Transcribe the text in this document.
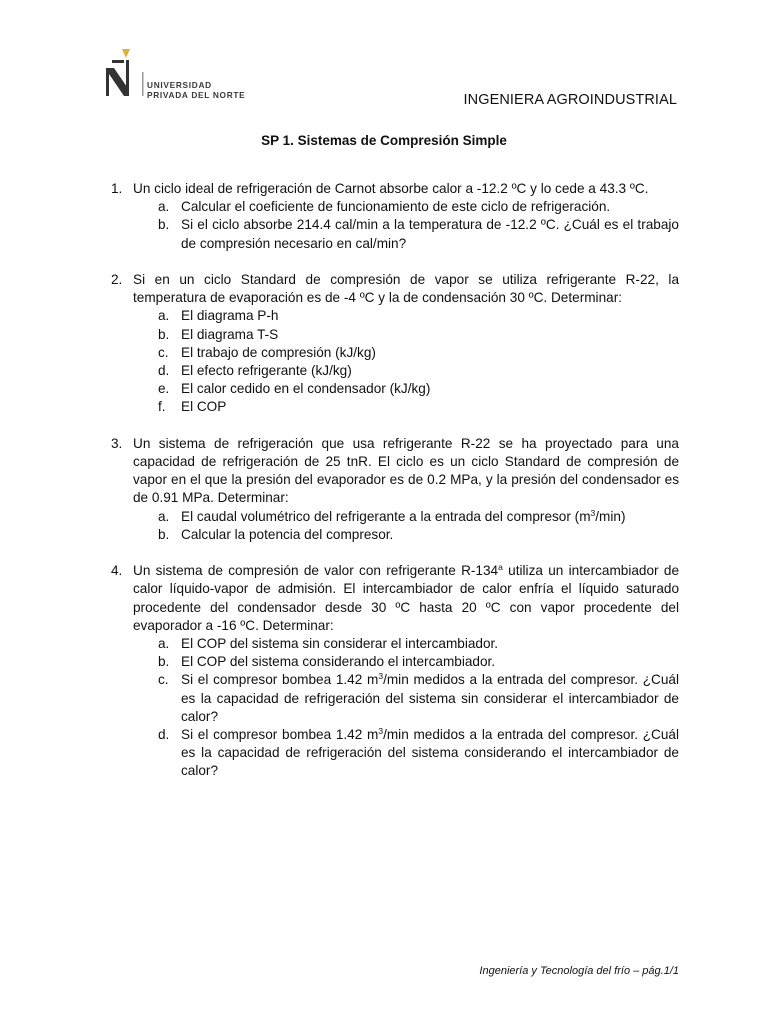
UNIVERSIDAD
PRIVADA DEL NORTE	INGENIERA AGROINDUSTRIAL
SP 1. Sistemas de Compresión Simple
1. Un ciclo ideal de refrigeración de Carnot absorbe calor a -12.2 ºC y lo cede a 43.3 ºC.
a. Calcular el coeficiente de funcionamiento de este ciclo de refrigeración.
b. Si el ciclo absorbe 214.4 cal/min a la temperatura de -12.2 ºC. ¿Cuál es el trabajo de compresión necesario en cal/min?
2. Si en un ciclo Standard de compresión de vapor se utiliza refrigerante R-22, la temperatura de evaporación es de -4 ºC y la de condensación 30 ºC. Determinar:
a. El diagrama P-h
b. El diagrama T-S
c. El trabajo de compresión (kJ/kg)
d. El efecto refrigerante (kJ/kg)
e. El calor cedido en el condensador (kJ/kg)
f.	El COP
3. Un sistema de refrigeración que usa refrigerante R-22 se ha proyectado para una capacidad de refrigeración de 25 tnR. El ciclo es un ciclo Standard de compresión de vapor en el que la presión del evaporador es de 0.2 MPa, y la presión del condensador es de 0.91 MPa. Determinar:
a. El caudal volumétrico del refrigerante a la entrada del compresor $(m^3/\min)$
b. Calcular la potencia del compresor.
4. Un sistema de compresión de valor con refrigerante R-134$^a$ utiliza un intercambiador de calor líquido-vapor de admisión. El intercambiador de calor enfría el líquido saturado procedente del condensador desde 30 ºC hasta 20 ºC con vapor procedente del evaporador a -16 ºC. Determinar:
a. El COP del sistema sin considerar el intercambiador.
b. El COP del sistema considerando el intercambiador.
c. Si el compresor bombea 1.42 $m^3/\min$ medidos a la entrada del compresor. ¿Cuál es la capacidad de refrigeración del sistema sin considerar el intercambiador de calor?
d. Si el compresor bombea 1.42 $m^3/\min$ medidos a la entrada del compresor. ¿Cuál es la capacidad de refrigeración del sistema considerando el intercambiador de calor?
Ingeniería y Tecnología del frío – pág.1/1
